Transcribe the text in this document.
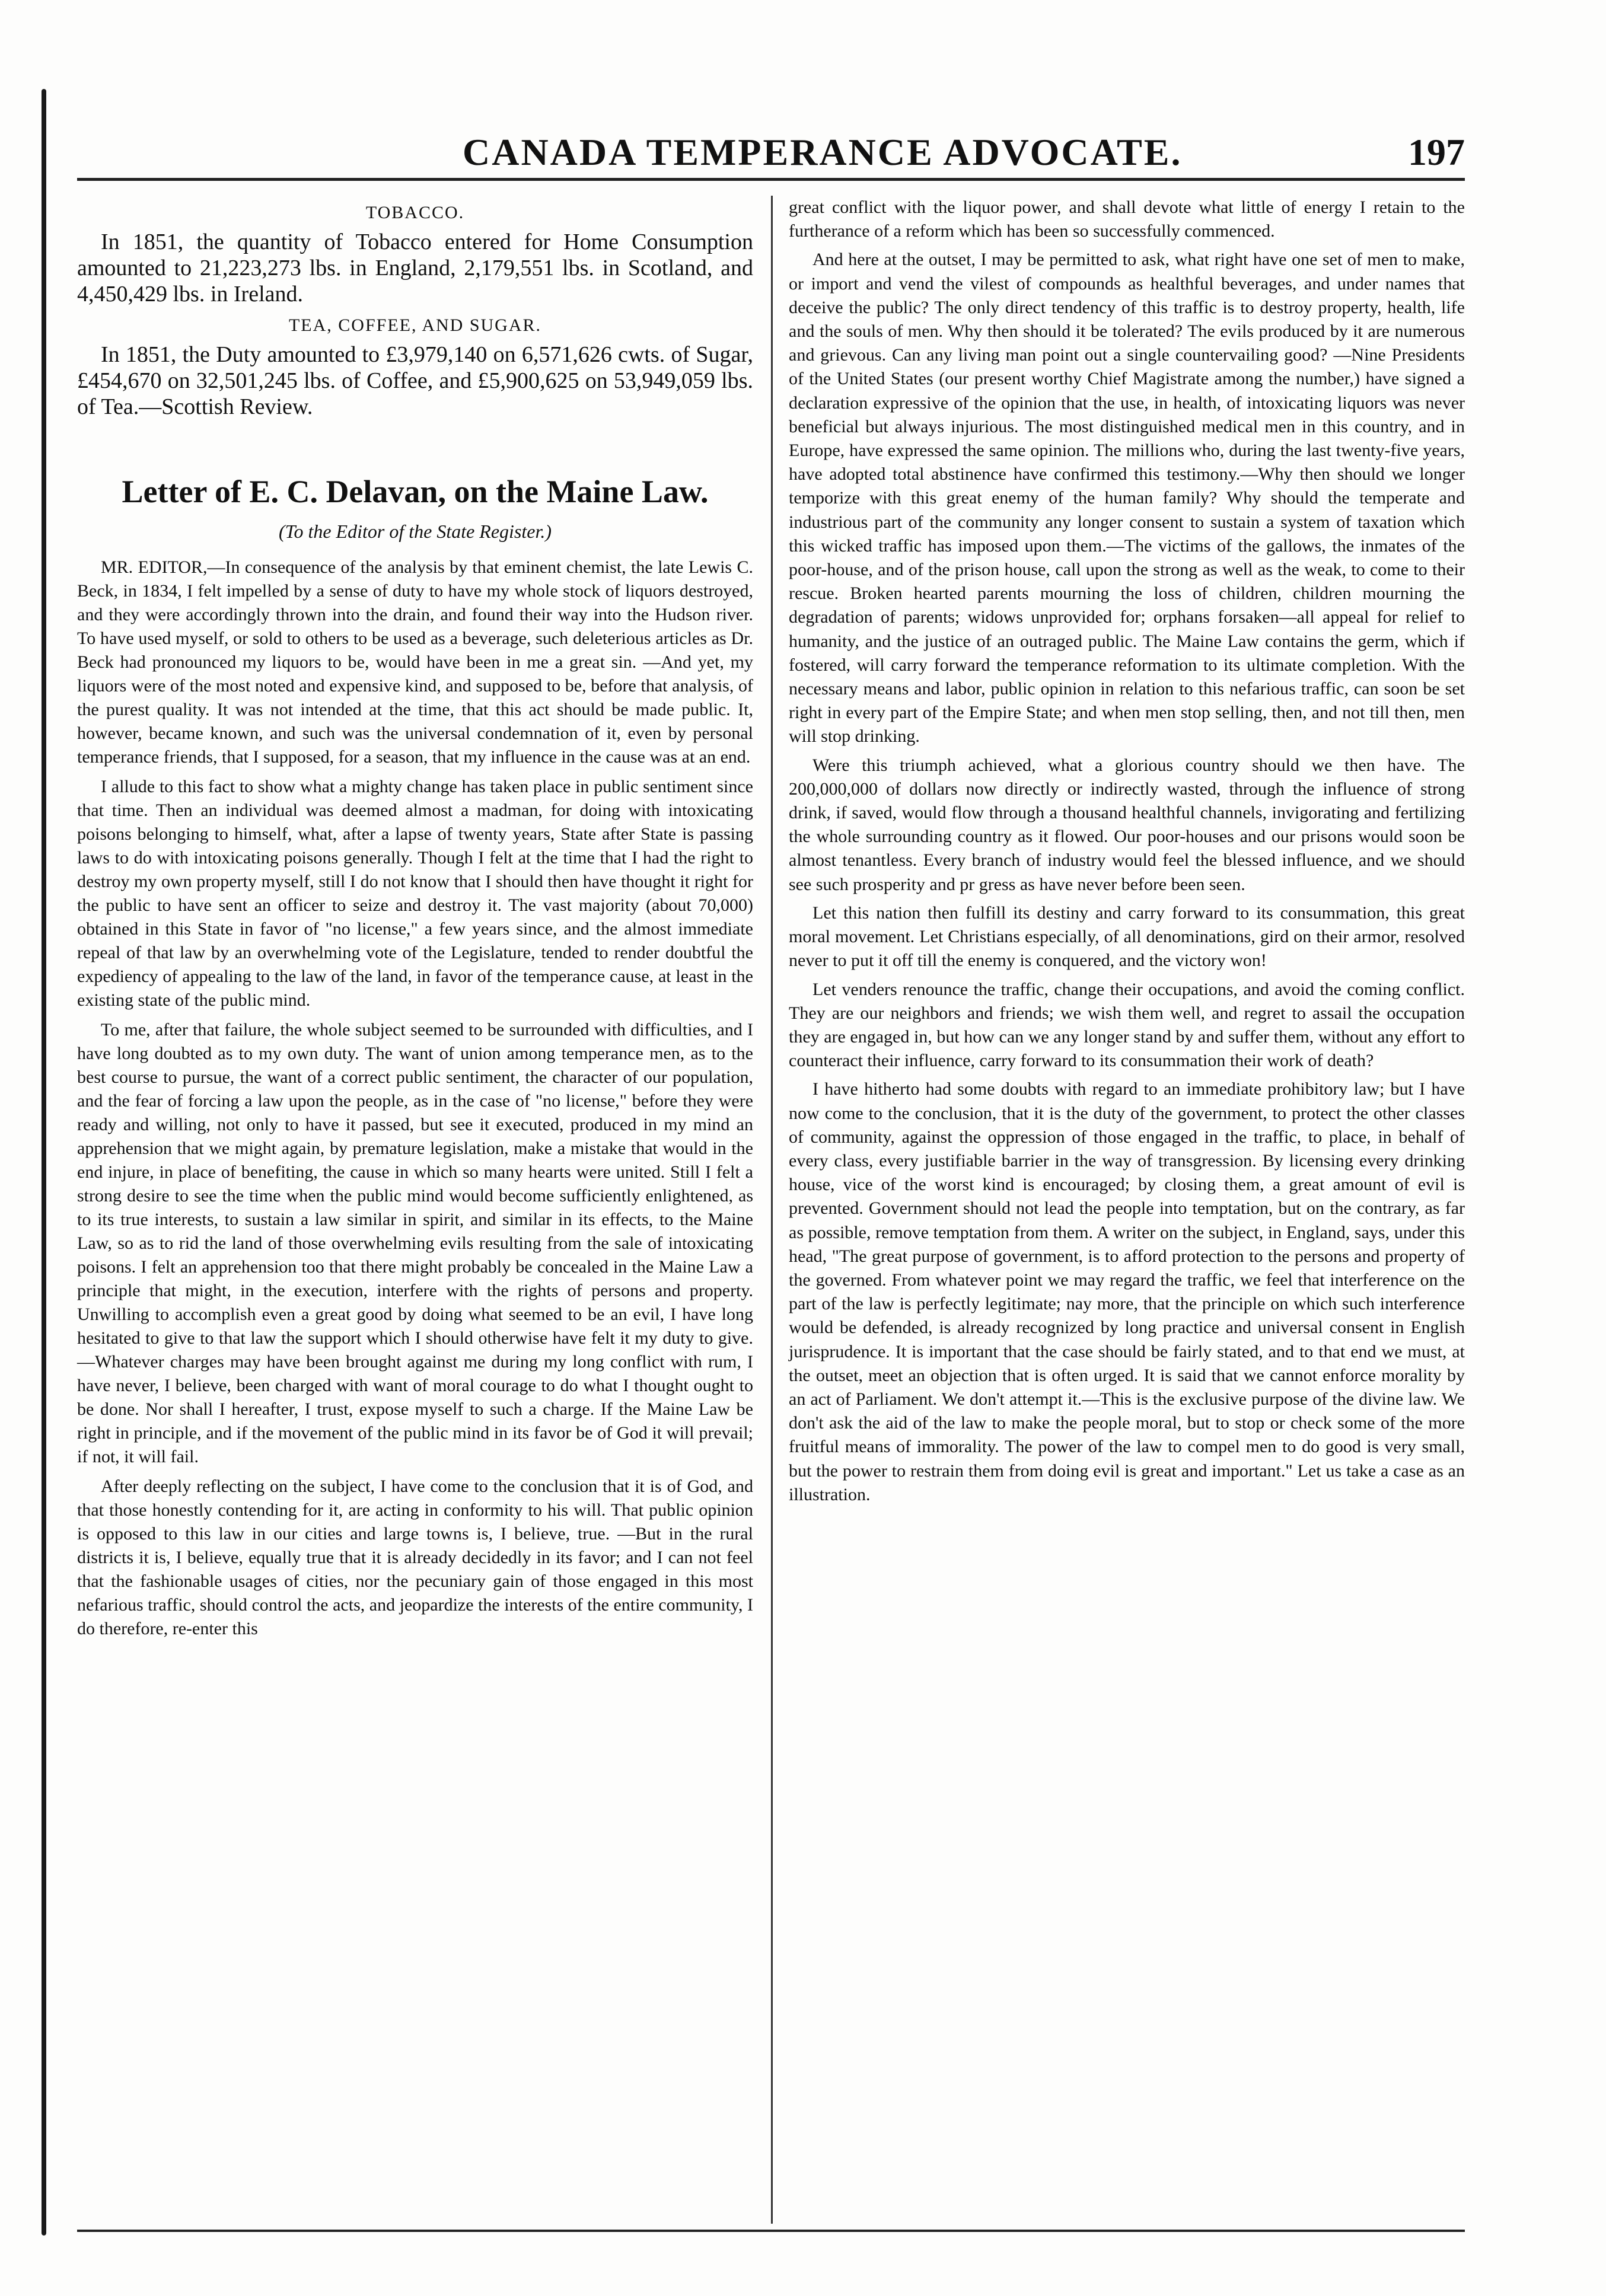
CANADA TEMPERANCE ADVOCATE.	197
TOBACCO.

In 1851, the quantity of Tobacco entered for Home Consumption amounted to 21,223,273 lbs. in England, 2,179,551 lbs. in Scotland, and 4,450,429 lbs. in Ireland.

TEA, COFFEE, AND SUGAR.

In 1851, the Duty amounted to £3,979,140 on 6,571,626 cwts. of Sugar, £454,670 on 32,501,245 lbs. of Coffee, and £5,900,625 on 53,949,059 lbs. of Tea.—Scottish Review.

Letter of E. C. Delavan, on the Maine Law.
(To the Editor of the State Register.)

MR. EDITOR,—In consequence of the analysis by that eminent chemist, the late Lewis C. Beck, in 1834, I felt impelled by a sense of duty to have my whole stock of liquors destroyed, and they were accordingly thrown into the drain, and found their way into the Hudson river. To have used myself, or sold to others to be used as a beverage, such deleterious articles as Dr. Beck had pronounced my liquors to be, would have been in me a great sin. —And yet, my liquors were of the most noted and expensive kind, and supposed to be, before that analysis, of the purest quality. It was not intended at the time, that this act should be made public. It, however, became known, and such was the universal condemnation of it, even by personal temperance friends, that I supposed, for a season, that my influence in the cause was at an end.

I allude to this fact to show what a mighty change has taken place in public sentiment since that time. Then an individual was deemed almost a madman, for doing with intoxicating poisons belonging to himself, what, after a lapse of twenty years, State after State is passing laws to do with intoxicating poisons generally. Though I felt at the time that I had the right to destroy my own property myself, still I do not know that I should then have thought it right for the public to have sent an officer to seize and destroy it. The vast majority (about 70,000) obtained in this State in favor of "no license," a few years since, and the almost immediate repeal of that law by an overwhelming vote of the Legislature, tended to render doubtful the expediency of appealing to the law of the land, in favor of the temperance cause, at least in the existing state of the public mind.

To me, after that failure, the whole subject seemed to be surrounded with difficulties, and I have long doubted as to my own duty. The want of union among temperance men, as to the best course to pursue, the want of a correct public sentiment, the character of our population, and the fear of forcing a law upon the people, as in the case of "no license," before they were ready and willing, not only to have it passed, but see it executed, produced in my mind an apprehension that we might again, by premature legislation, make a mistake that would in the end injure, in place of benefiting, the cause in which so many hearts were united. Still I felt a strong desire to see the time when the public mind would become sufficiently enlightened, as to its true interests, to sustain a law similar in spirit, and similar in its effects, to the Maine Law, so as to rid the land of those overwhelming evils resulting from the sale of intoxicating poisons. I felt an apprehension too that there might probably be concealed in the Maine Law a principle that might, in the execution, interfere with the rights of persons and property. Unwilling to accomplish even a great good by doing what seemed to be an evil, I have long hesitated to give to that law the support which I should otherwise have felt it my duty to give.—Whatever charges may have been brought against me during my long conflict with rum, I have never, I believe, been charged with want of moral courage to do what I thought ought to be done. Nor shall I hereafter, I trust, expose myself to such a charge. If the Maine Law be right in principle, and if the movement of the public mind in its favor be of God it will prevail; if not, it will fail.

After deeply reflecting on the subject, I have come to the conclusion that it is of God, and that those honestly contending for it, are acting in conformity to his will. That public opinion is opposed to this law in our cities and large towns is, I believe, true. —But in the rural districts it is, I believe, equally true that it is already decidedly in its favor; and I can not feel that the fashionable usages of cities, nor the pecuniary gain of those engaged in this most nefarious traffic, should control the acts, and jeopardize the interests of the entire community, I do therefore, re-enter this

great conflict with the liquor power, and shall devote what little of energy I retain to the furtherance of a reform which has been so successfully commenced.

And here at the outset, I may be permitted to ask, what right have one set of men to make, or import and vend the vilest of compounds as healthful beverages, and under names that deceive the public? The only direct tendency of this traffic is to destroy property, health, life and the souls of men. Why then should it be tolerated? The evils produced by it are numerous and grievous. Can any living man point out a single countervailing good? —Nine Presidents of the United States (our present worthy Chief Magistrate among the number,) have signed a declaration expressive of the opinion that the use, in health, of intoxicating liquors was never beneficial but always injurious. The most distinguished medical men in this country, and in Europe, have expressed the same opinion. The millions who, during the last twenty-five years, have adopted total abstinence have confirmed this testimony.—Why then should we longer temporize with this great enemy of the human family? Why should the temperate and industrious part of the community any longer consent to sustain a system of taxation which this wicked traffic has imposed upon them.—The victims of the gallows, the inmates of the poor-house, and of the prison house, call upon the strong as well as the weak, to come to their rescue. Broken hearted parents mourning the loss of children, children mourning the degradation of parents; widows unprovided for; orphans forsaken—all appeal for relief to humanity, and the justice of an outraged public. The Maine Law contains the germ, which if fostered, will carry forward the temperance reformation to its ultimate completion. With the necessary means and labor, public opinion in relation to this nefarious traffic, can soon be set right in every part of the Empire State; and when men stop selling, then, and not till then, men will stop drinking.

Were this triumph achieved, what a glorious country should we then have. The 200,000,000 of dollars now directly or indirectly wasted, through the influence of strong drink, if saved, would flow through a thousand healthful channels, invigorating and fertilizing the whole surrounding country as it flowed. Our poor-houses and our prisons would soon be almost tenantless. Every branch of industry would feel the blessed influence, and we should see such prosperity and pr gress as have never before been seen.

Let this nation then fulfill its destiny and carry forward to its consummation, this great moral movement. Let Christians especially, of all denominations, gird on their armor, resolved never to put it off till the enemy is conquered, and the victory won!

Let venders renounce the traffic, change their occupations, and avoid the coming conflict. They are our neighbors and friends; we wish them well, and regret to assail the occupation they are engaged in, but how can we any longer stand by and suffer them, without any effort to counteract their influence, carry forward to its consummation their work of death?

I have hitherto had some doubts with regard to an immediate prohibitory law; but I have now come to the conclusion, that it is the duty of the government, to protect the other classes of community, against the oppression of those engaged in the traffic, to place, in behalf of every class, every justifiable barrier in the way of transgression. By licensing every drinking house, vice of the worst kind is encouraged; by closing them, a great amount of evil is prevented. Government should not lead the people into temptation, but on the contrary, as far as possible, remove temptation from them. A writer on the subject, in England, says, under this head, "The great purpose of government, is to afford protection to the persons and property of the governed. From whatever point we may regard the traffic, we feel that interference on the part of the law is perfectly legitimate; nay more, that the principle on which such interference would be defended, is already recognized by long practice and universal consent in English jurisprudence. It is important that the case should be fairly stated, and to that end we must, at the outset, meet an objection that is often urged. It is said that we cannot enforce morality by an act of Parliament. We don't attempt it.—This is the exclusive purpose of the divine law. We don't ask the aid of the law to make the people moral, but to stop or check some of the more fruitful means of immorality. The power of the law to compel men to do good is very small, but the power to restrain them from doing evil is great and important." Let us take a case as an illustration.
